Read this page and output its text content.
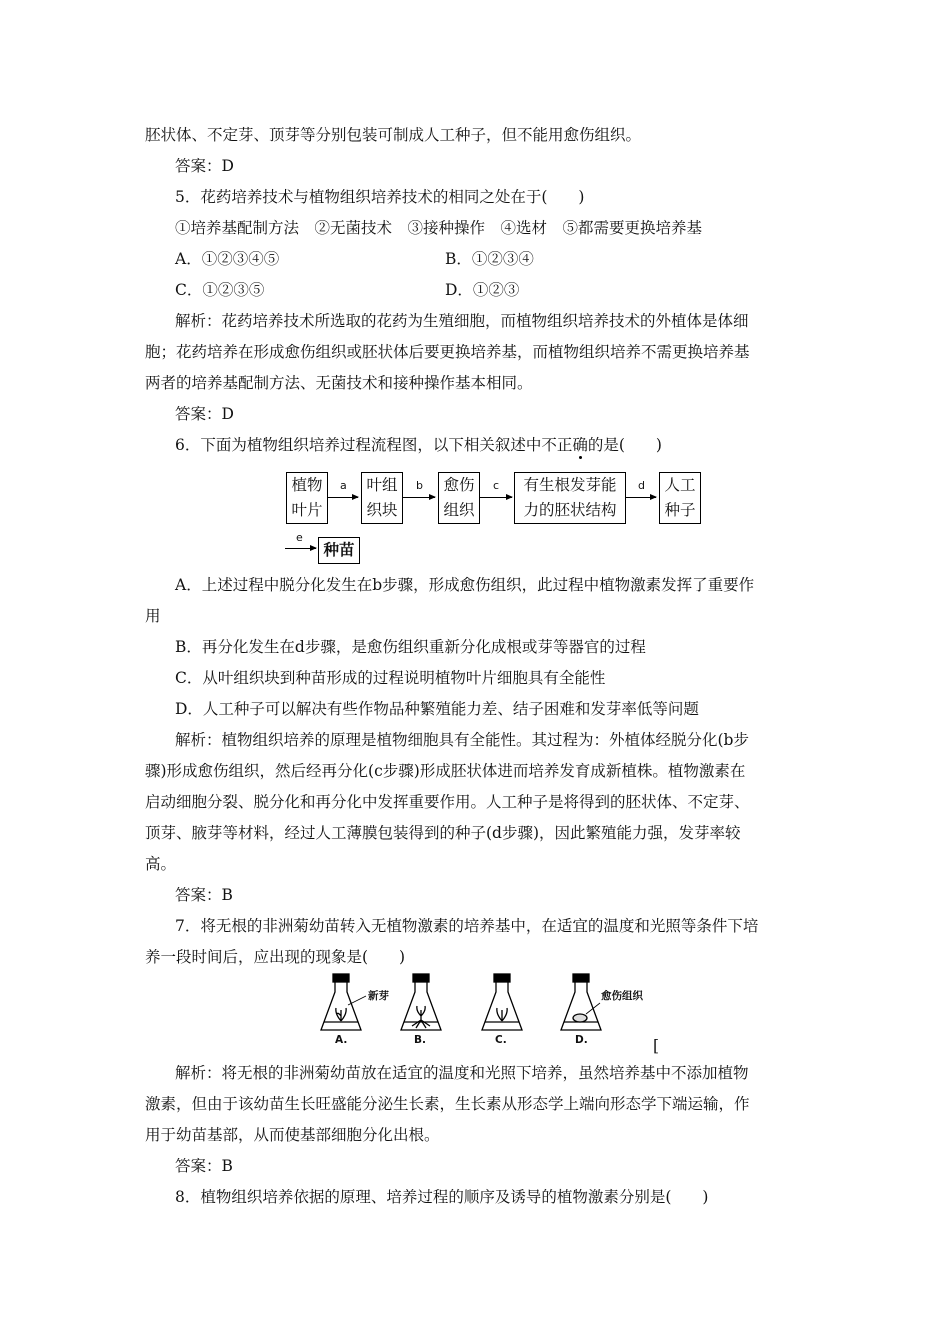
胚状体、不定芽、顶芽等分别包装可制成人工种子，但不能用愈伤组织。
答案：D
5．花药培养技术与植物组织培养技术的相同之处在于(　　)
①培养基配制方法　②无菌技术　③接种操作　④选材　⑤都需要更换培养基
A．①②③④⑤	B．①②③④
C．①②③⑤	D．①②③
解析：花药培养技术所选取的花药为生殖细胞，而植物组织培养技术的外植体是体细
胞；花药培养在形成愈伤组织或胚状体后要更换培养基，而植物组织培养不需更换培养基
两者的培养基配制方法、无菌技术和接种操作基本相同。
答案：D
6．下面为植物组织培养过程流程图，以下相关叙述中不正确的是(　　)
植物
叶片
a	叶组
织块
b	愈伤
组织
c	有生根发芽能
力的胚状结构
d	人工
种子
e
种苗
A．上述过程中脱分化发生在b步骤，形成愈伤组织，此过程中植物激素发挥了重要作
用
B．再分化发生在d步骤，是愈伤组织重新分化成根或芽等器官的过程
C．从叶组织块到种苗形成的过程说明植物叶片细胞具有全能性
D．人工种子可以解决有些作物品种繁殖能力差、结子困难和发芽率低等问题
解析：植物组织培养的原理是植物细胞具有全能性。其过程为：外植体经脱分化(b步
骤)形成愈伤组织，然后经再分化(c步骤)形成胚状体进而培养发育成新植株。植物激素在
启动细胞分裂、脱分化和再分化中发挥重要作用。人工种子是将得到的胚状体、不定芽、
顶芽、腋芽等材料，经过人工薄膜包装得到的种子(d步骤)，因此繁殖能力强，发芽率较
高。
答案：B
7．将无根的非洲菊幼苗转入无植物激素的培养基中，在适宜的温度和光照等条件下培
养一段时间后，应出现的现象是(　　)
新芽	愈伤组织
A.	B.	C.	D.	[
解析：将无根的非洲菊幼苗放在适宜的温度和光照下培养，虽然培养基中不添加植物
激素，但由于该幼苗生长旺盛能分泌生长素，生长素从形态学上端向形态学下端运输，作
用于幼苗基部，从而使基部细胞分化出根。
答案：B
8．植物组织培养依据的原理、培养过程的顺序及诱导的植物激素分别是(　　)
